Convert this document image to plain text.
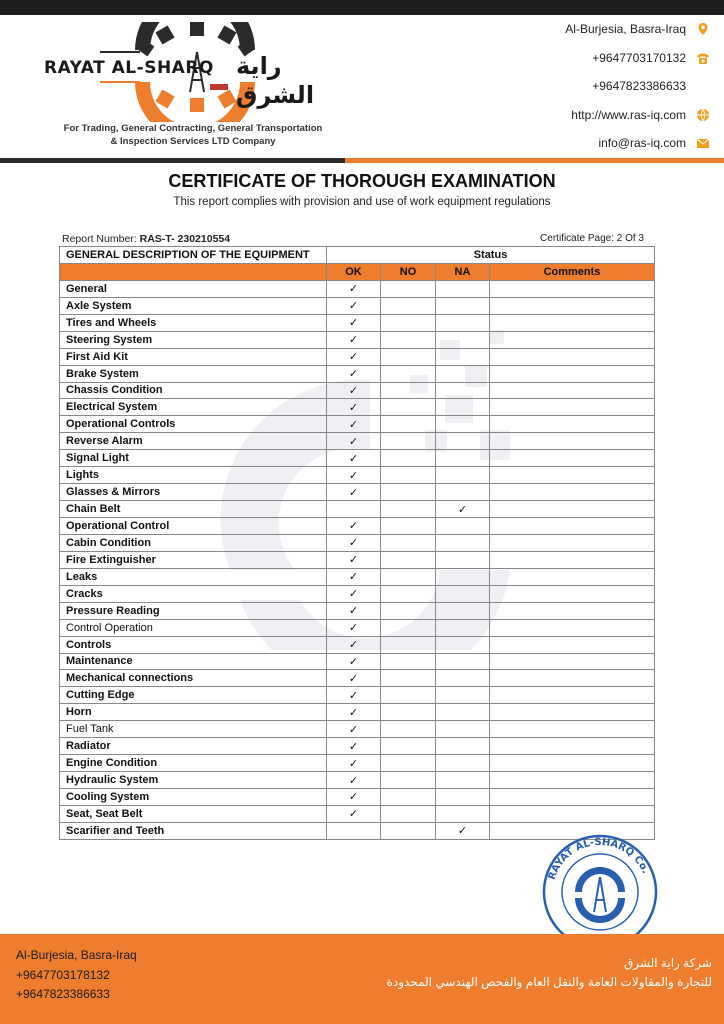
RAYAT AL-SHARQ راية الشرق
For Trading, General Contracting, General Transportation
& Inspection Services LTD Company
Al-Burjesia, Basra-Iraq
+9647703170132
+9647823386633
http://www.ras-iq.com
info@ras-iq.com
CERTIFICATE OF THOROUGH EXAMINATION
This report complies with provision and use of work equipment regulations
Report Number: RAS-T- 230210554	Certificate Page: 2 Of 3
GENERAL DESCRIPTION OF THE EQUIPMENT	Status			
	OK	NO	NA	Comments
General	✓			
Axle System	✓			
Tires and Wheels	✓			
Steering System	✓			
First Aid Kit	✓			
Brake System	✓			
Chassis Condition	✓			
Electrical System	✓			
Operational Controls	✓			
Reverse Alarm	✓			
Signal Light	✓			
Lights	✓			
Glasses & Mirrors	✓			
Chain Belt			✓	
Operational Control	✓			
Cabin Condition	✓			
Fire Extinguisher	✓			
Leaks	✓			
Cracks	✓			
Pressure Reading	✓			
Control Operation	✓			
Controls	✓			
Maintenance	✓			
Mechanical connections	✓			
Cutting Edge	✓			
Horn	✓			
Fuel Tank	✓			
Radiator	✓			
Engine Condition	✓			
Hydraulic System	✓			
Cooling System	✓			
Seat, Seat Belt	✓			
Scarifier and Teeth			✓	
RAYAT AL-SHARQ Co.
Al-Burjesia, Basra-Iraq
+9647703178132
+9647823386633
شركة راية الشرق
للتجارة والمقاولات العامة والنقل العام والفحص الهندسي المحدودة
